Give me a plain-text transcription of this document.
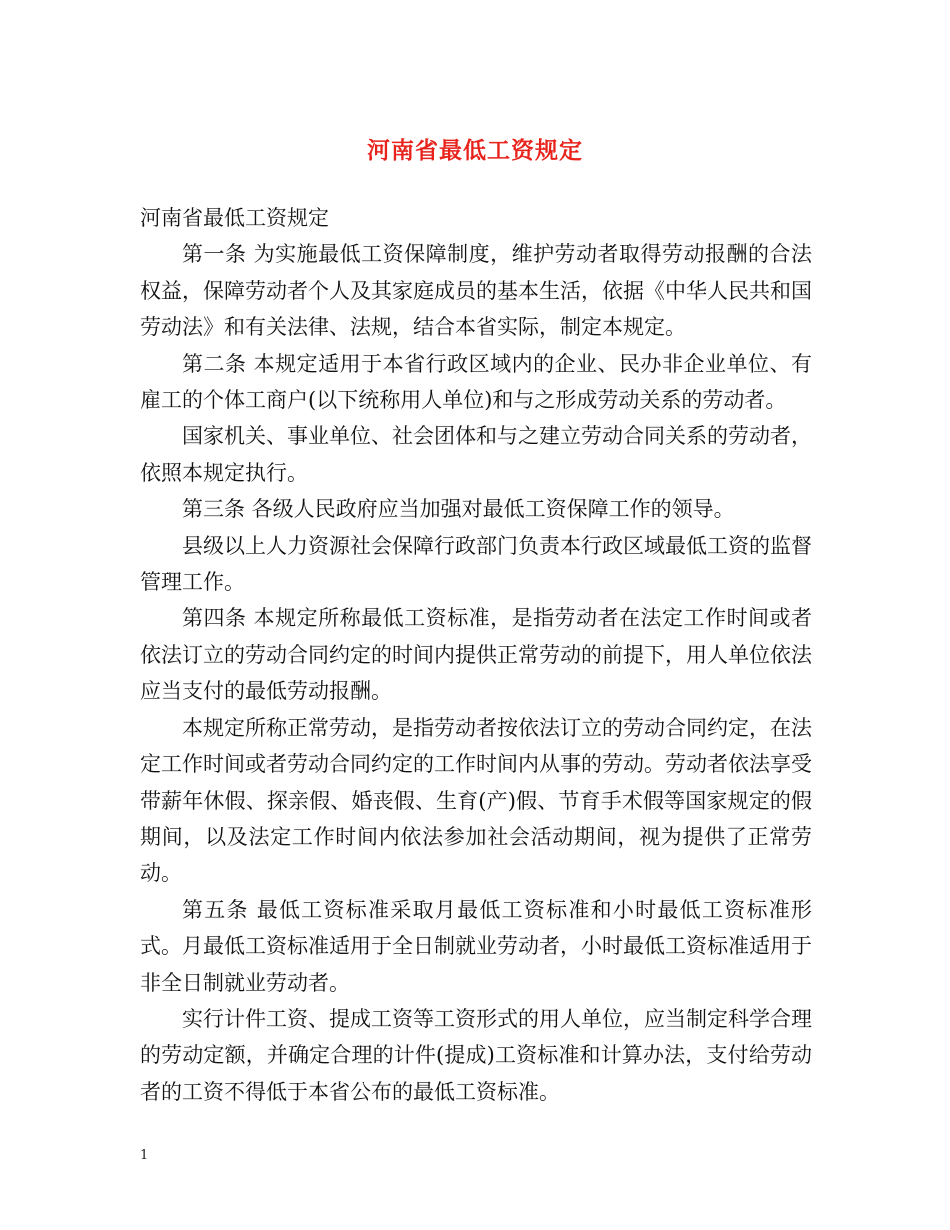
河南省最低工资规定

河南省最低工资规定

第一条 为实施最低工资保障制度，维护劳动者取得劳动报酬的合法权益，保障劳动者个人及其家庭成员的基本生活，依据《中华人民共和国劳动法》和有关法律、法规，结合本省实际，制定本规定。

第二条 本规定适用于本省行政区域内的企业、民办非企业单位、有雇工的个体工商户(以下统称用人单位)和与之形成劳动关系的劳动者。

国家机关、事业单位、社会团体和与之建立劳动合同关系的劳动者，依照本规定执行。

第三条 各级人民政府应当加强对最低工资保障工作的领导。

县级以上人力资源社会保障行政部门负责本行政区域最低工资的监督管理工作。

第四条 本规定所称最低工资标准，是指劳动者在法定工作时间或者依法订立的劳动合同约定的时间内提供正常劳动的前提下，用人单位依法应当支付的最低劳动报酬。

本规定所称正常劳动，是指劳动者按依法订立的劳动合同约定，在法定工作时间或者劳动合同约定的工作时间内从事的劳动。劳动者依法享受带薪年休假、探亲假、婚丧假、生育(产)假、节育手术假等国家规定的假期间，以及法定工作时间内依法参加社会活动期间，视为提供了正常劳动。

第五条 最低工资标准采取月最低工资标准和小时最低工资标准形式。月最低工资标准适用于全日制就业劳动者，小时最低工资标准适用于非全日制就业劳动者。

实行计件工资、提成工资等工资形式的用人单位，应当制定科学合理的劳动定额，并确定合理的计件(提成)工资标准和计算办法，支付给劳动者的工资不得低于本省公布的最低工资标准。

1
